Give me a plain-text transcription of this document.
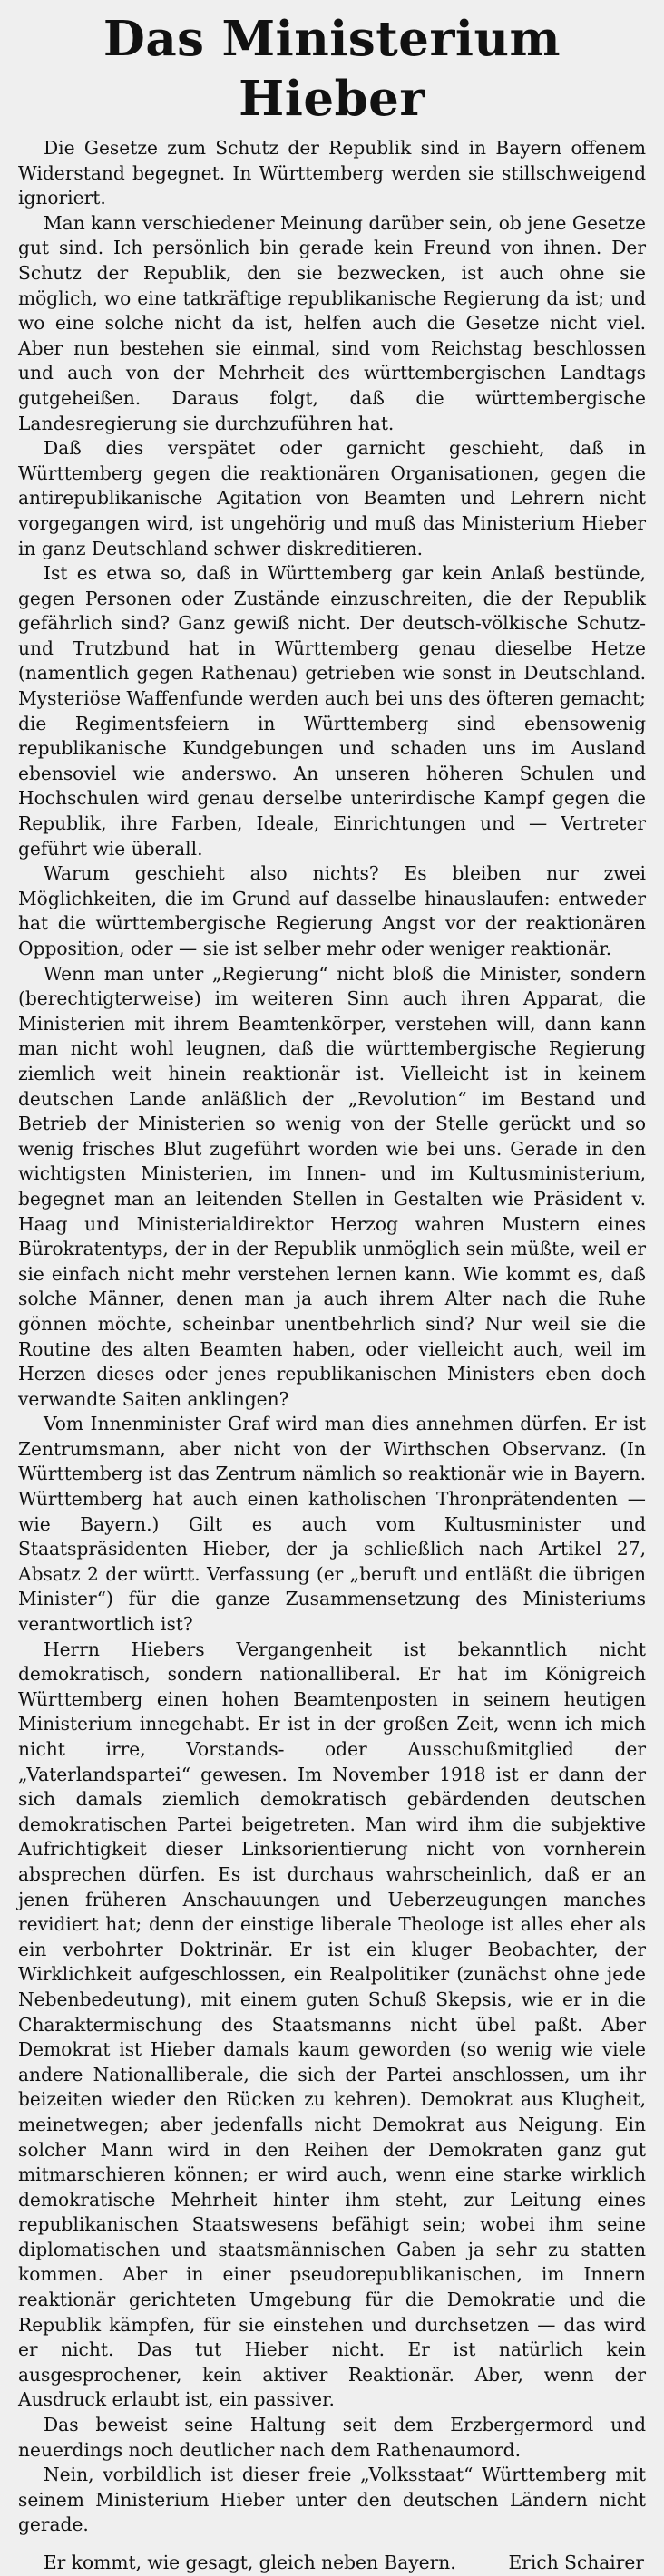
Das Ministerium Hieber

Die Gesetze zum Schutz der Republik sind in Bayern offenem Widerstand begegnet. In Württemberg werden sie stillschweigend ignoriert.

Man kann verschiedener Meinung darüber sein, ob jene Gesetze gut sind. Ich persönlich bin gerade kein Freund von ihnen. Der Schutz der Republik, den sie bezwecken, ist auch ohne sie möglich, wo eine tatkräftige republikanische Regierung da ist; und wo eine solche nicht da ist, helfen auch die Gesetze nicht viel. Aber nun bestehen sie einmal, sind vom Reichstag beschlossen und auch von der Mehrheit des württembergischen Landtags gutgeheißen. Daraus folgt, daß die württembergische Landesregierung sie durchzuführen hat.

Daß dies verspätet oder garnicht geschieht, daß in Württemberg gegen die reaktionären Organisationen, gegen die antirepublikanische Agitation von Beamten und Lehrern nicht vorgegangen wird, ist ungehörig und muß das Ministerium Hieber in ganz Deutschland schwer diskreditieren.

Ist es etwa so, daß in Württemberg gar kein Anlaß bestünde, gegen Personen oder Zustände einzuschreiten, die der Republik gefährlich sind? Ganz gewiß nicht. Der deutsch-völkische Schutz- und Trutzbund hat in Württemberg genau dieselbe Hetze (namentlich gegen Rathenau) getrieben wie sonst in Deutschland. Mysteriöse Waffenfunde werden auch bei uns des öfteren gemacht; die Regimentsfeiern in Württemberg sind ebensowenig republikanische Kundgebungen und schaden uns im Ausland ebensoviel wie anderswo. An unseren höheren Schulen und Hochschulen wird genau derselbe unterirdische Kampf gegen die Republik, ihre Farben, Ideale, Einrichtungen und — Vertreter geführt wie überall.

Warum geschieht also nichts? Es bleiben nur zwei Möglichkeiten, die im Grund auf dasselbe hinauslaufen: entweder hat die württembergische Regierung Angst vor der reaktionären Opposition, oder — sie ist selber mehr oder weniger reaktionär.

Wenn man unter „Regierung“ nicht bloß die Minister, sondern (berechtigterweise) im weiteren Sinn auch ihren Apparat, die Ministerien mit ihrem Beamtenkörper, verstehen will, dann kann man nicht wohl leugnen, daß die württembergische Regierung ziemlich weit hinein reaktionär ist. Vielleicht ist in keinem deutschen Lande anläßlich der „Revolution“ im Bestand und Betrieb der Ministerien so wenig von der Stelle gerückt und so wenig frisches Blut zugeführt worden wie bei uns. Gerade in den wichtigsten Ministerien, im Innen- und im Kultusministerium, begegnet man an leitenden Stellen in Gestalten wie Präsident v. Haag und Ministerialdirektor Herzog wahren Mustern eines Bürokratentyps, der in der Republik unmöglich sein müßte, weil er sie einfach nicht mehr verstehen lernen kann. Wie kommt es, daß solche Männer, denen man ja auch ihrem Alter nach die Ruhe gönnen möchte, scheinbar unentbehrlich sind? Nur weil sie die Routine des alten Beamten haben, oder vielleicht auch, weil im Herzen dieses oder jenes republikanischen Ministers eben doch verwandte Saiten anklingen?

Vom Innenminister Graf wird man dies annehmen dürfen. Er ist Zentrumsmann, aber nicht von der Wirthschen Observanz. (In Württemberg ist das Zentrum nämlich so reaktionär wie in Bayern. Württemberg hat auch einen katholischen Thronprätendenten — wie Bayern.) Gilt es auch vom Kultusminister und Staatspräsidenten Hieber, der ja schließlich nach Artikel 27, Absatz 2 der württ. Verfassung (er „beruft und entläßt die übrigen Minister“) für die ganze Zusammensetzung des Ministeriums verantwortlich ist?

Herrn Hiebers Vergangenheit ist bekanntlich nicht demokratisch, sondern nationalliberal. Er hat im Königreich Württemberg einen hohen Beamtenposten in seinem heutigen Ministerium innegehabt. Er ist in der großen Zeit, wenn ich mich nicht irre, Vorstands- oder Ausschußmitglied der „Vaterlandspartei“ gewesen. Im November 1918 ist er dann der sich damals ziemlich demokratisch gebärdenden deutschen demokratischen Partei beigetreten. Man wird ihm die subjektive Aufrichtigkeit dieser Linksorientierung nicht von vornherein absprechen dürfen. Es ist durchaus wahrscheinlich, daß er an jenen früheren Anschauungen und Ueberzeugungen manches revidiert hat; denn der einstige liberale Theologe ist alles eher als ein verbohrter Doktrinär. Er ist ein kluger Beobachter, der Wirklichkeit aufgeschlossen, ein Realpolitiker (zunächst ohne jede Nebenbedeutung), mit einem guten Schuß Skepsis, wie er in die Charaktermischung des Staatsmanns nicht übel paßt. Aber Demokrat ist Hieber damals kaum geworden (so wenig wie viele andere Nationalliberale, die sich der Partei anschlossen, um ihr beizeiten wieder den Rücken zu kehren). Demokrat aus Klugheit, meinetwegen; aber jedenfalls nicht Demokrat aus Neigung. Ein solcher Mann wird in den Reihen der Demokraten ganz gut mitmarschieren können; er wird auch, wenn eine starke wirklich demokratische Mehrheit hinter ihm steht, zur Leitung eines republikanischen Staatswesens befähigt sein; wobei ihm seine diplomatischen und staatsmännischen Gaben ja sehr zu statten kommen. Aber in einer pseudorepublikanischen, im Innern reaktionär gerichteten Umgebung für die Demokratie und die Republik kämpfen, für sie einstehen und durchsetzen — das wird er nicht. Das tut Hieber nicht. Er ist natürlich kein ausgesprochener, kein aktiver Reaktionär. Aber, wenn der Ausdruck erlaubt ist, ein passiver.

Das beweist seine Haltung seit dem Erzbergermord und neuerdings noch deutlicher nach dem Rathenaumord.

Nein, vorbildlich ist dieser freie „Volksstaat“ Württemberg mit seinem Ministerium Hieber unter den deutschen Ländern nicht gerade.

Er kommt, wie gesagt, gleich neben Bayern.	Erich Schairer
